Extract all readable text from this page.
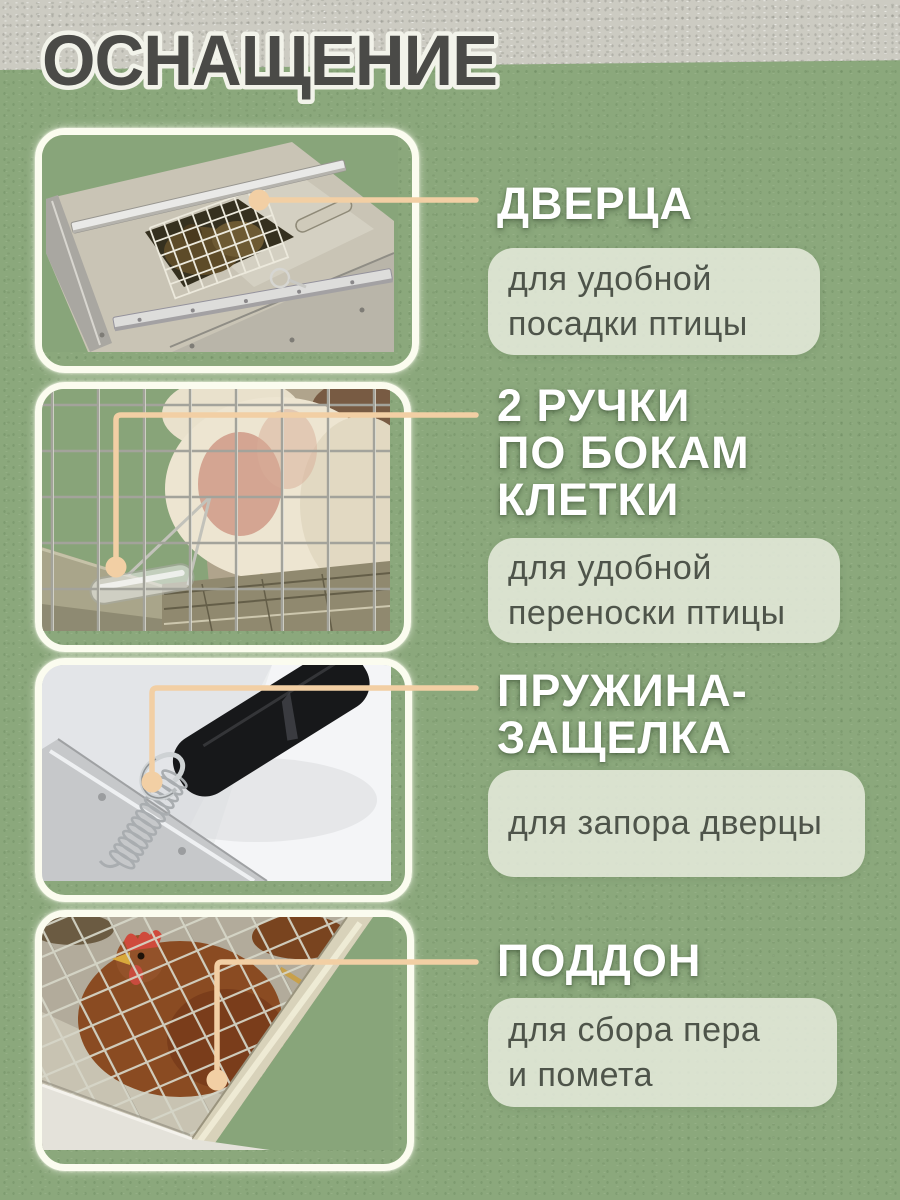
ОСНАЩЕНИЕ
ДВЕРЦА
для удобной
посадки птицы
2 РУЧКИ
ПО БОКАМ
КЛЕТКИ
для удобной
переноски птицы
ПРУЖИНА-
ЗАЩЕЛКА
для запора дверцы
ПОДДОН
для сбора пера
и помета
